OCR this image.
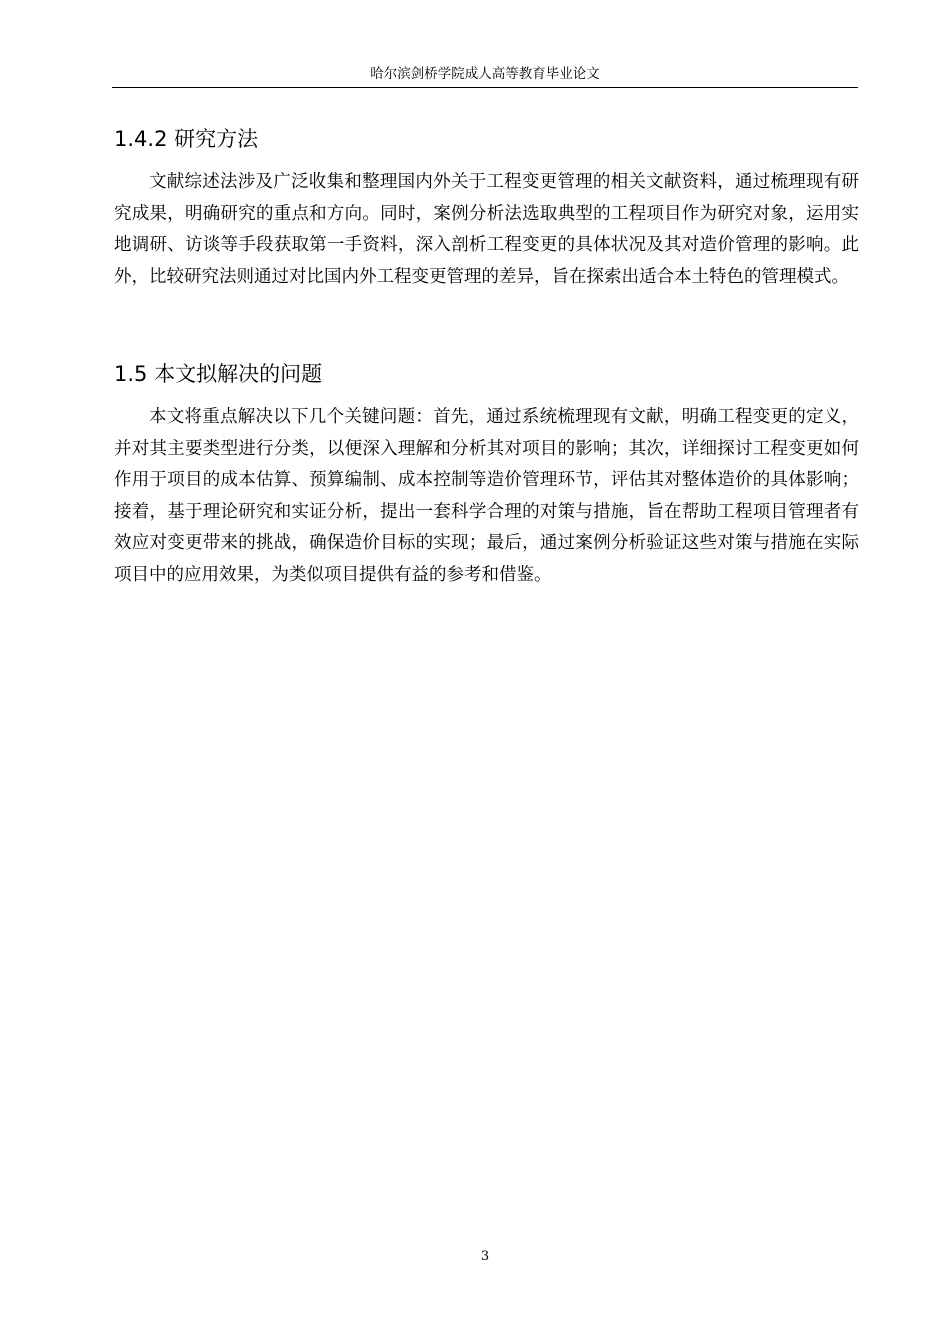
哈尔滨剑桥学院成人高等教育毕业论文
1.4.2 研究方法

文献综述法涉及广泛收集和整理国内外关于工程变更管理的相关文献资料，通过梳理现有研究成果，明确研究的重点和方向。同时，案例分析法选取典型的工程项目作为研究对象，运用实地调研、访谈等手段获取第一手资料，深入剖析工程变更的具体状况及其对造价管理的影响。此外，比较研究法则通过对比国内外工程变更管理的差异，旨在探索出适合本土特色的管理模式。

1.5 本文拟解决的问题

本文将重点解决以下几个关键问题：首先，通过系统梳理现有文献，明确工程变更的定义，并对其主要类型进行分类，以便深入理解和分析其对项目的影响；其次，详细探讨工程变更如何作用于项目的成本估算、预算编制、成本控制等造价管理环节，评估其对整体造价的具体影响；接着，基于理论研究和实证分析，提出一套科学合理的对策与措施，旨在帮助工程项目管理者有效应对变更带来的挑战，确保造价目标的实现；最后，通过案例分析验证这些对策与措施在实际项目中的应用效果，为类似项目提供有益的参考和借鉴。

3
